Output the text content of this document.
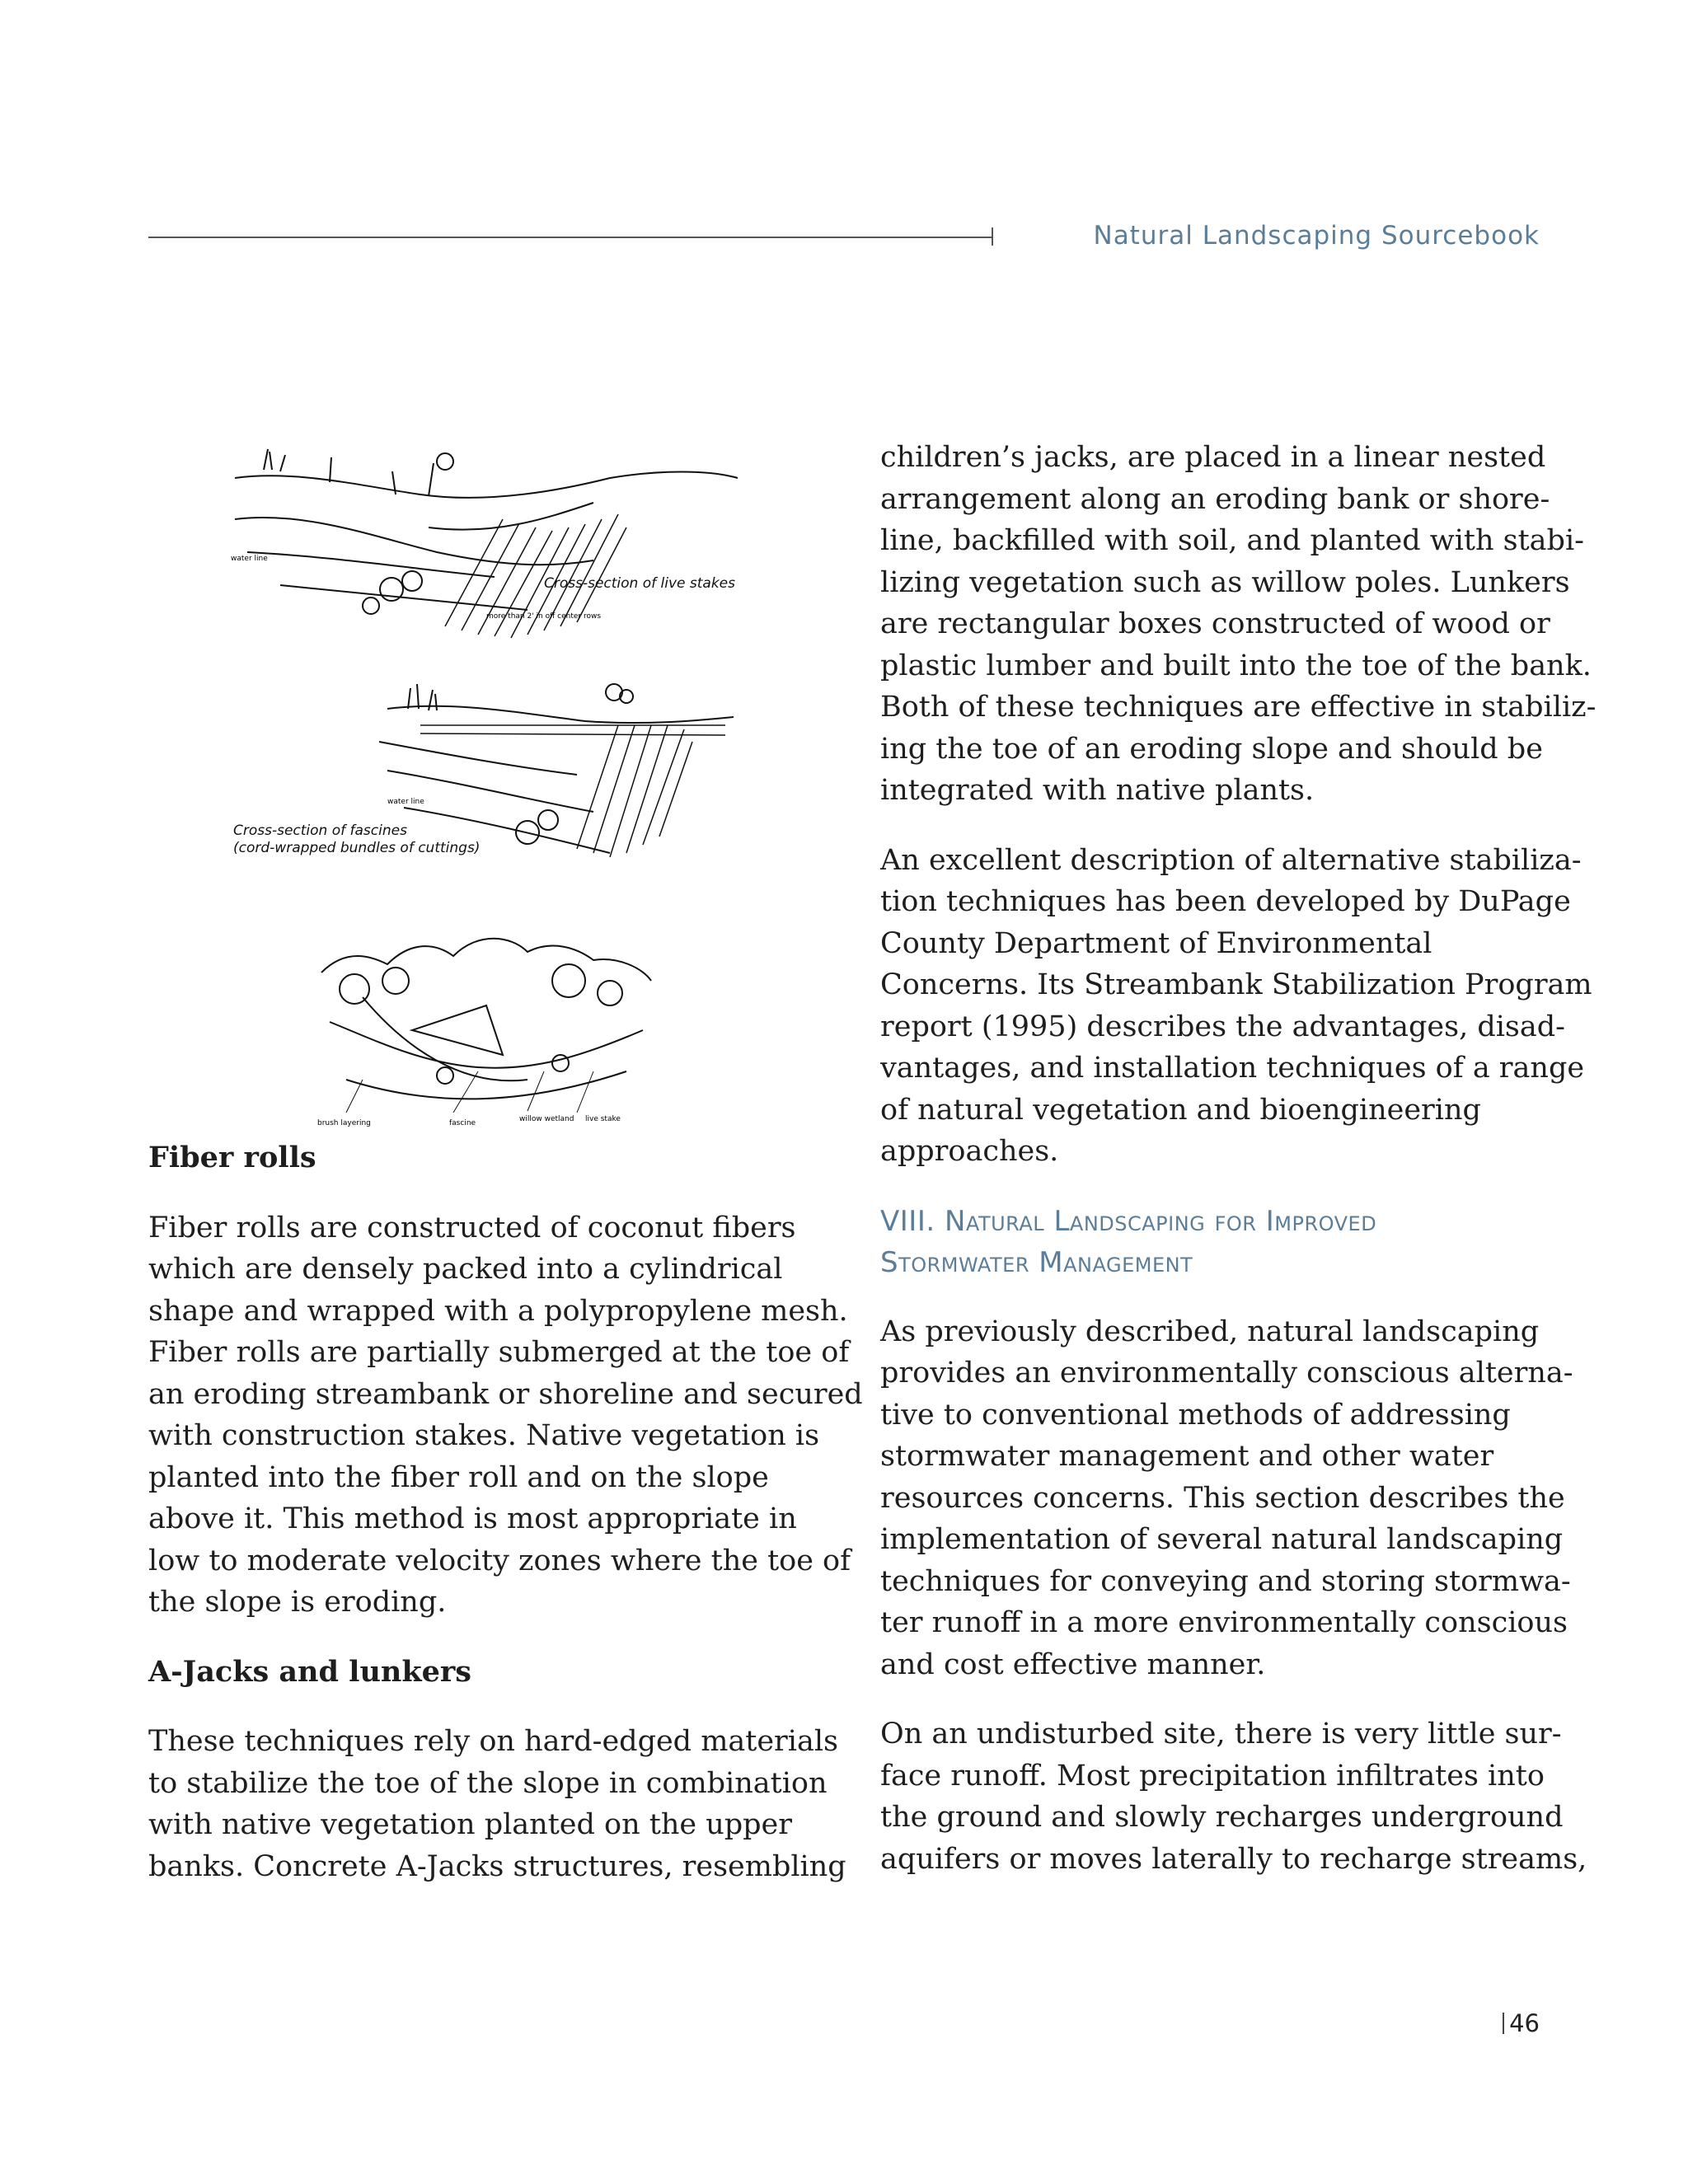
Natural Landscaping Sourcebook
water line
more than 2' in off center rows
Cross-section of live stakes
water line
Cross-section of fascines
(cord-wrapped bundles of cuttings)
brush layering	fascine	willow wetland live stake
Fiber rolls
Fiber rolls are constructed of coconut fibers
which are densely packed into a cylindrical
shape and wrapped with a polypropylene mesh.
Fiber rolls are partially submerged at the toe of
an eroding streambank or shoreline and secured
with construction stakes. Native vegetation is
planted into the fiber roll and on the slope
above it. This method is most appropriate in
low to moderate velocity zones where the toe of
the slope is eroding.
A-Jacks and lunkers
These techniques rely on hard-edged materials
to stabilize the toe of the slope in combination
with native vegetation planted on the upper
banks. Concrete A-Jacks structures, resembling
children’s jacks, are placed in a linear nested
arrangement along an eroding bank or shore-
line, backfilled with soil, and planted with stabi-
lizing vegetation such as willow poles. Lunkers
are rectangular boxes constructed of wood or
plastic lumber and built into the toe of the bank.
Both of these techniques are effective in stabiliz-
ing the toe of an eroding slope and should be
integrated with native plants.
An excellent description of alternative stabiliza-
tion techniques has been developed by DuPage
County Department of Environmental
Concerns. Its Streambank Stabilization Program
report (1995) describes the advantages, disad-
vantages, and installation techniques of a range
of natural vegetation and bioengineering
approaches.
VIII. Natural Landscaping for Improved
Stormwater Management
As previously described, natural landscaping
provides an environmentally conscious alterna-
tive to conventional methods of addressing
stormwater management and other water
resources concerns. This section describes the
implementation of several natural landscaping
techniques for conveying and storing stormwa-
ter runoff in a more environmentally conscious
and cost effective manner.
On an undisturbed site, there is very little sur-
face runoff. Most precipitation infiltrates into
the ground and slowly recharges underground
aquifers or moves laterally to recharge streams,
46
